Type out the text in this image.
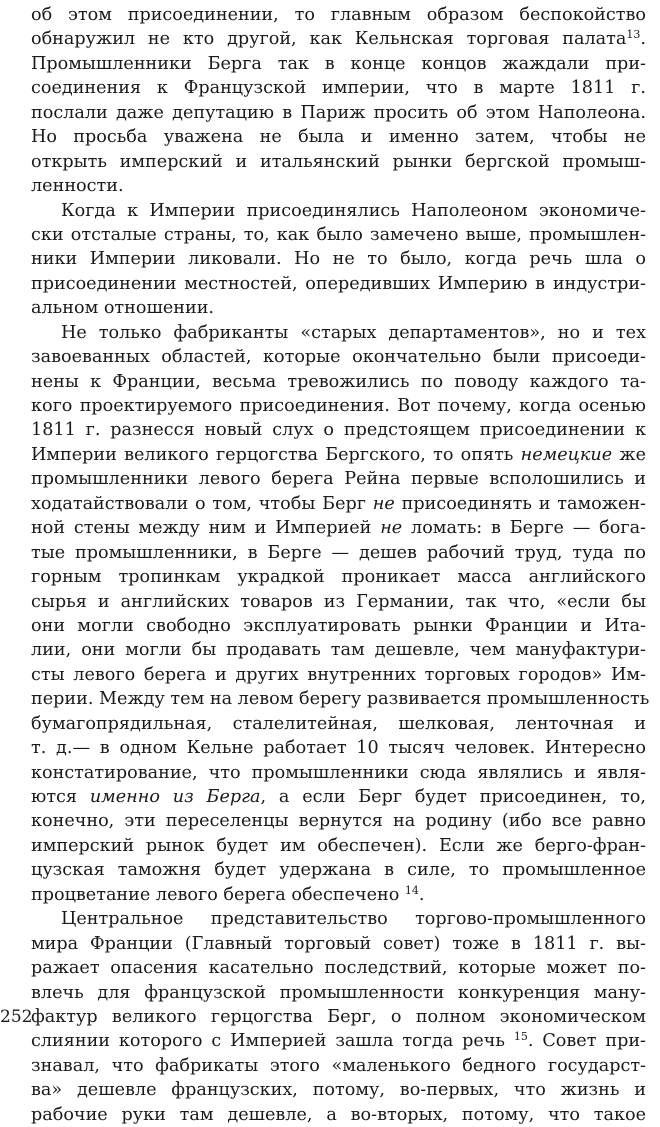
об этом присоединении, то главным образом беспокойство
обнаружил не кто другой, как Кельнская торговая палата$^{13}$.
Промышленники Берга так в конце концов жаждали при-
соединения к Французской империи, что в марте 1811 г.
послали даже депутацию в Париж просить об этом Наполеона.
Но просьба уважена не была и именно затем, чтобы не
открыть имперский и итальянский рынки бергской промыш-
ленности.
Когда к Империи присоединялись Наполеоном экономиче-
ски отсталые страны, то, как было замечено выше, промышлен-
ники Империи ликовали. Но не то было, когда речь шла о
присоединении местностей, опередивших Империю в индустри-
альном отношении.
Не только фабриканты «старых департаментов», но и тех
завоеванных областей, которые окончательно были присоеди-
нены к Франции, весьма тревожились по поводу каждого та-
кого проектируемого присоединения. Вот почему, когда осенью
1811 г. разнесся новый слух о предстоящем присоединении к
Империи великого герцогства Бергского, то опять немецкие же
промышленники левого берега Рейна первые всполошились и
ходатайствовали о том, чтобы Берг не присоединять и таможен-
ной стены между ним и Империей не ломать: в Берге — бога-
тые промышленники, в Берге — дешев рабочий труд, туда по
горным тропинкам украдкой проникает масса английского
сырья и английских товаров из Германии, так что, «если бы
они могли свободно эксплуатировать рынки Франции и Ита-
лии, они могли бы продавать там дешевле, чем мануфактури-
сты левого берега и других внутренних торговых городов» Им-
перии. Между тем на левом берегу развивается промышленность
бумагопрядильная, сталелитейная, шелковая, ленточная и
т. д.— в одном Кельне работает 10 тысяч человек. Интересно
констатирование, что промышленники сюда являлись и явля-
ются именно из Берга, а если Берг будет присоединен, то,
конечно, эти переселенцы вернутся на родину (ибо все равно
имперский рынок будет им обеспечен). Если же берго-фран-
цузская таможня будет удержана в силе, то промышленное
процветание левого берега обеспечено $^{14}$.
Центральное представительство торгово-промышленного
мира Франции (Главный торговый совет) тоже в 1811 г. вы-
ражает опасения касательно последствий, которые может по-
влечь для французской промышленности конкуренция ману-
фактур великого герцогства Берг, о полном экономическом
слиянии которого с Империей зашла тогда речь $^{15}$. Совет при-
знавал, что фабрикаты этого «маленького бедного государст-
ва» дешевле французских, потому, во-первых, что жизнь и
рабочие руки там дешевле, а во-вторых, потому, что такое
252
